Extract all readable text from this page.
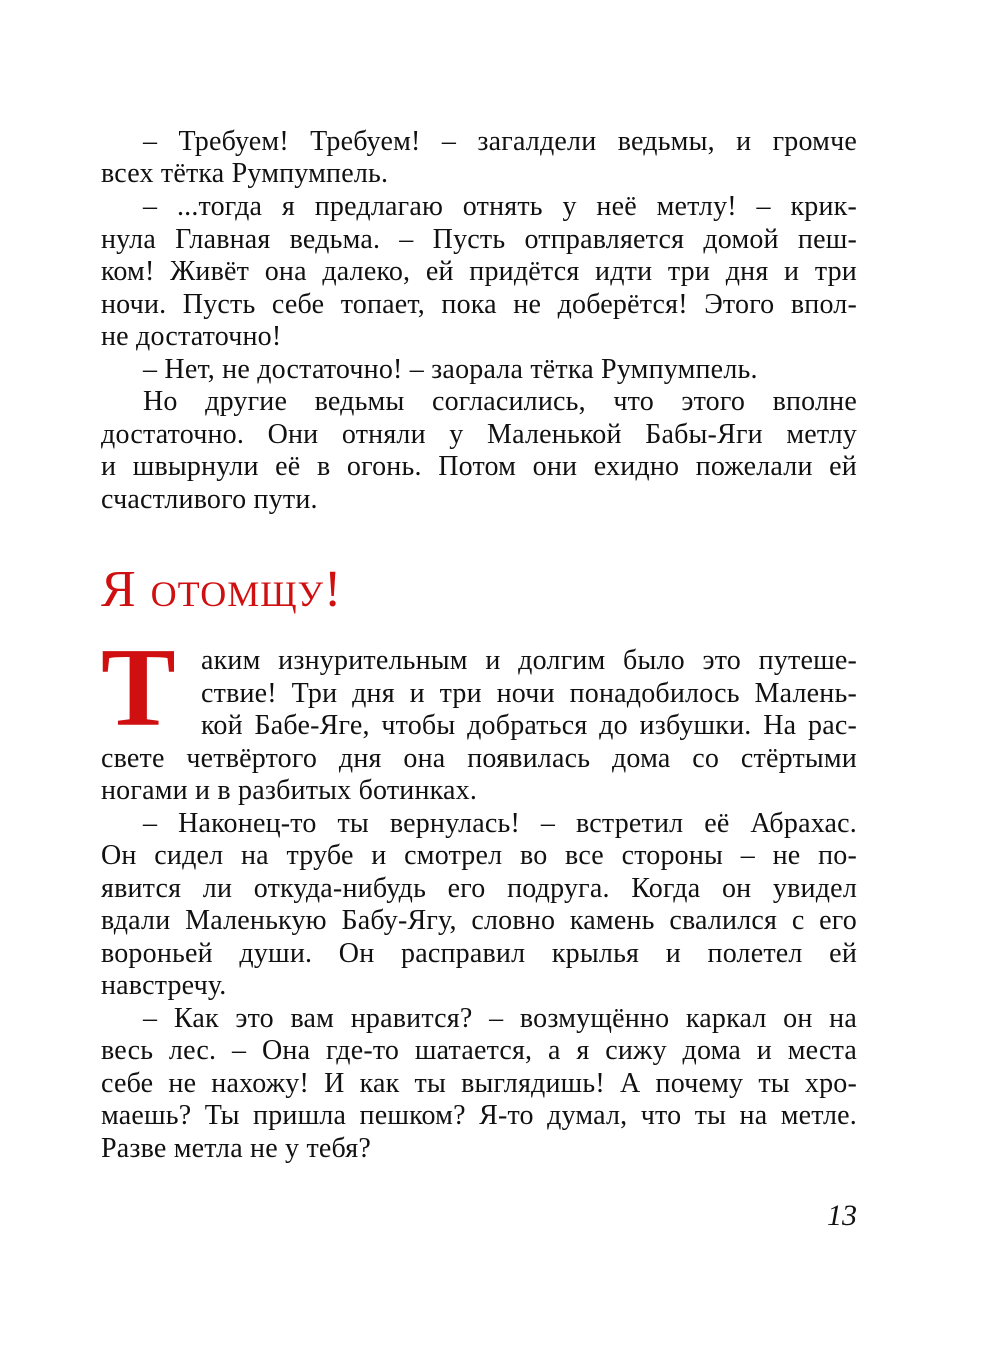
– Требуем! Требуем! – загалдели ведьмы, и громче
всех тётка Румпумпель.
– ...тогда я предлагаю отнять у неё метлу! – крик-
нула Главная ведьма. – Пусть отправляется домой пеш-
ком! Живёт она далеко, ей придётся идти три дня и три
ночи. Пусть себе топает, пока не доберётся! Этого впол-
не достаточно!
– Нет, не достаточно! – заорала тётка Румпумпель.
Но другие ведьмы согласились, что этого вполне
достаточно. Они отняли у Маленькой Бабы-Яги метлу
и швырнули её в огонь. Потом они ехидно пожелали ей
счастливого пути.
Я отомщу!
Т аким изнурительным и долгим было это путеше-
ствие! Три дня и три ночи понадобилось Малень-
кой Бабе-Яге, чтобы добраться до избушки. На рас-
свете четвёртого дня она появилась дома со стёртыми
ногами и в разбитых ботинках.
– Наконец-то ты вернулась! – встретил её Абрахас.
Он сидел на трубе и смотрел во все стороны – не по-
явится ли откуда-нибудь его подруга. Когда он увидел
вдали Маленькую Бабу-Ягу, словно камень свалился с его
вороньей души. Он расправил крылья и полетел ей
навстречу.
– Как это вам нравится? – возмущённо каркал он на
весь лес. – Она где-то шатается, а я сижу дома и места
себе не нахожу! И как ты выглядишь! А почему ты хро-
маешь? Ты пришла пешком? Я-то думал, что ты на метле.
Разве метла не у тебя?
13
